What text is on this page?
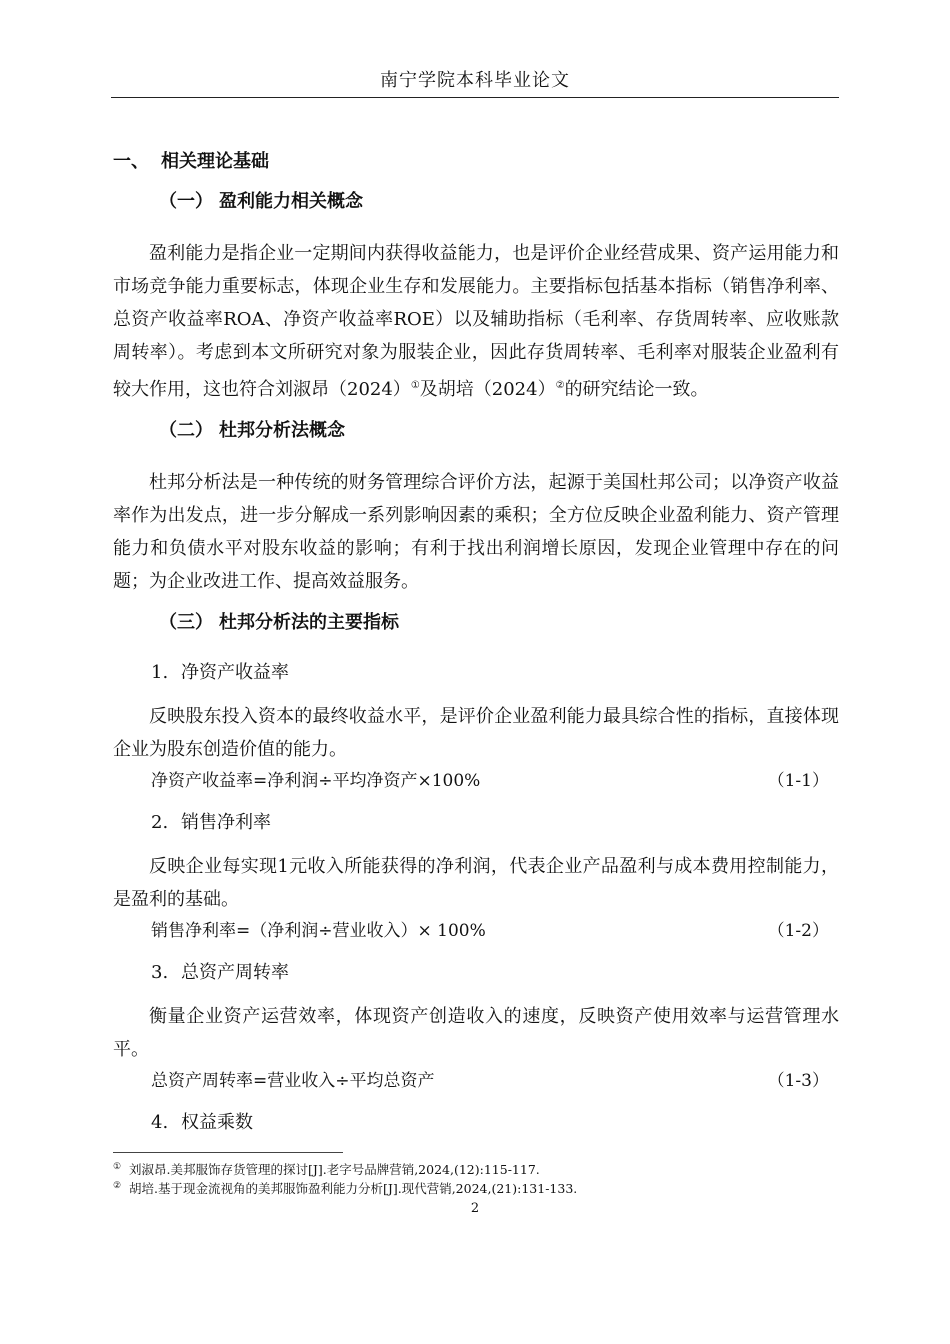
南宁学院本科毕业论文
一、 相关理论基础
（一） 盈利能力相关概念

盈利能力是指企业一定期间内获得收益能力，也是评价企业经营成果、资产运用能力和市场竞争能力重要标志，体现企业生存和发展能力。主要指标包括基本指标（销售净利率、总资产收益率ROA、净资产收益率ROE）以及辅助指标（毛利率、存货周转率、应收账款周转率）。考虑到本文所研究对象为服装企业，因此存货周转率、毛利率对服装企业盈利有较大作用，这也符合刘淑昂（2024）①及胡培（2024）②的研究结论一致。

（二） 杜邦分析法概念

杜邦分析法是一种传统的财务管理综合评价方法，起源于美国杜邦公司；以净资产收益率作为出发点，进一步分解成一系列影响因素的乘积；全方位反映企业盈利能力、资产管理能力和负债水平对股东收益的影响；有利于找出利润增长原因，发现企业管理中存在的问题；为企业改进工作、提高效益服务。

（三） 杜邦分析法的主要指标
1. 净资产收益率

反映股东投入资本的最终收益水平，是评价企业盈利能力最具综合性的指标，直接体现企业为股东创造价值的能力。

净资产收益率=净利润÷平均净资产×100%	（1-1）
2. 销售净利率

反映企业每实现1元收入所能获得的净利润，代表企业产品盈利与成本费用控制能力，是盈利的基础。

销售净利率=（净利润÷营业收入）× 100%	（1-2）
3. 总资产周转率

衡量企业资产运营效率，体现资产创造收入的速度，反映资产使用效率与运营管理水平。

总资产周转率=营业收入÷平均总资产	（1-3）
4. 权益乘数
① 刘淑昂.美邦服饰存货管理的探讨[J].老字号品牌营销,2024,(12):115-117.
② 胡培.基于现金流视角的美邦服饰盈利能力分析[J].现代营销,2024,(21):131-133.
2
